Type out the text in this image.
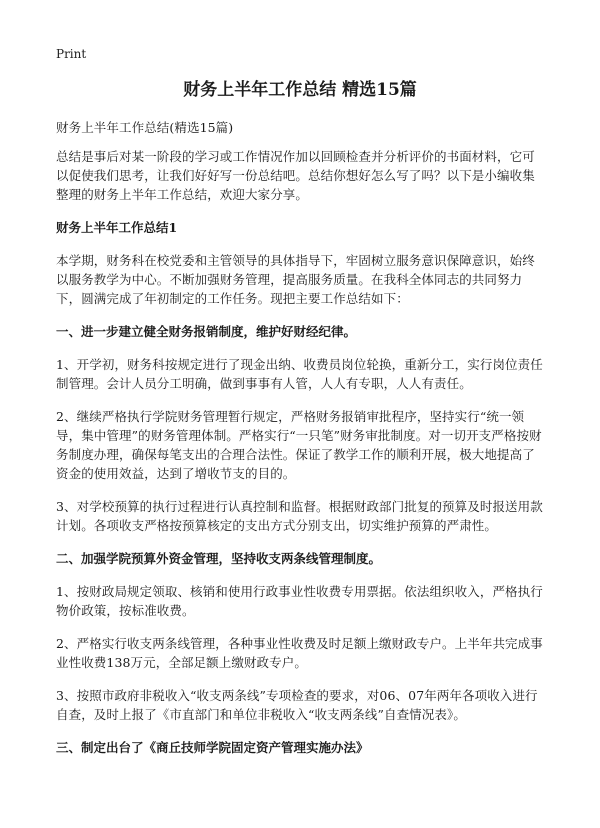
Print
财务上半年工作总结 精选15篇

财务上半年工作总结(精选15篇)

总结是事后对某一阶段的学习或工作情况作加以回顾检查并分析评价的书面材料，它可以促使我们思考，让我们好好写一份总结吧。总结你想好怎么写了吗？以下是小编收集整理的财务上半年工作总结，欢迎大家分享。

财务上半年工作总结1

本学期，财务科在校党委和主管领导的具体指导下，牢固树立服务意识保障意识，始终以服务教学为中心。不断加强财务管理，提高服务质量。在我科全体同志的共同努力下，圆满完成了年初制定的工作任务。现把主要工作总结如下：

一、进一步建立健全财务报销制度，维护好财经纪律。

1、开学初，财务科按规定进行了现金出纳、收费员岗位轮换，重新分工，实行岗位责任制管理。会计人员分工明确，做到事事有人管，人人有专职，人人有责任。

2、继续严格执行学院财务管理暂行规定，严格财务报销审批程序，坚持实行“统一领导，集中管理”的财务管理体制。严格实行“一只笔”财务审批制度。对一切开支严格按财务制度办理，确保每笔支出的合理合法性。保证了教学工作的顺利开展，极大地提高了资金的使用效益，达到了增收节支的目的。

3、对学校预算的执行过程进行认真控制和监督。根据财政部门批复的预算及时报送用款计划。各项收支严格按预算核定的支出方式分别支出，切实维护预算的严肃性。

二、加强学院预算外资金管理，坚持收支两条线管理制度。

1、按财政局规定领取、核销和使用行政事业性收费专用票据。依法组织收入，严格执行物价政策，按标准收费。

2、严格实行收支两条线管理，各种事业性收费及时足额上缴财政专户。上半年共完成事业性收费138万元，全部足额上缴财政专户。

3、按照市政府非税收入“收支两条线”专项检查的要求，对06、07年两年各项收入进行自查，及时上报了《市直部门和单位非税收入“收支两条线”自查情况表》。

三、制定出台了《商丘技师学院固定资产管理实施办法》
